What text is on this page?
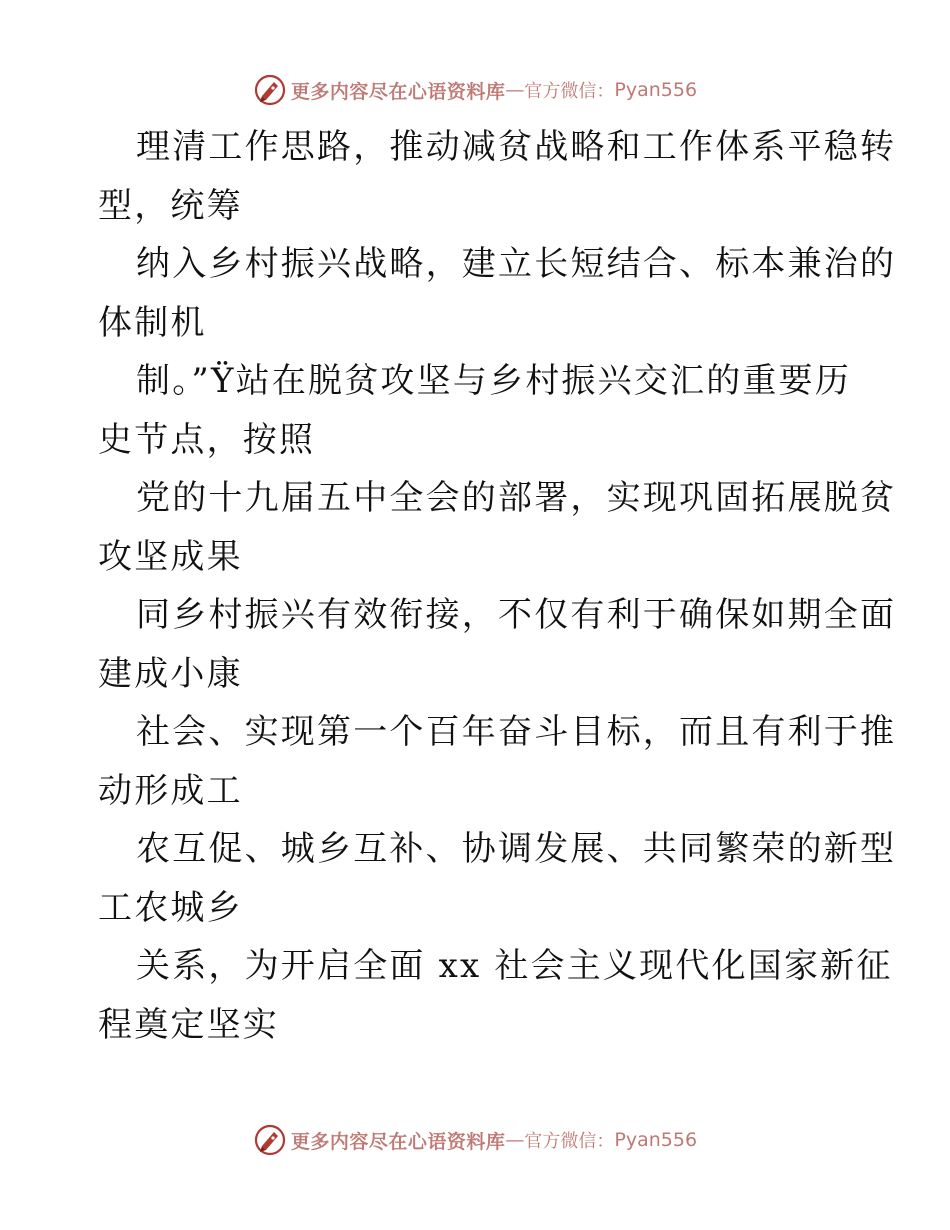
更多内容尽在心语资料库 — 官方微信： Pyan556
理清工作思路，推动减贫战略和工作体系平稳转
型，统筹
纳入乡村振兴战略，建立长短结合、标本兼治的
体制机
制。”Ÿ站在脱贫攻坚与乡村振兴交汇的重要历
史节点，按照
党的十九届五中全会的部署，实现巩固拓展脱贫
攻坚成果
同乡村振兴有效衔接，不仅有利于确保如期全面
建成小康
社会、实现第一个百年奋斗目标，而且有利于推
动形成工
农互促、城乡互补、协调发展、共同繁荣的新型
工农城乡
关系，为开启全面 xx 社会主义现代化国家新征
程奠定坚实
更多内容尽在心语资料库 — 官方微信： Pyan556
